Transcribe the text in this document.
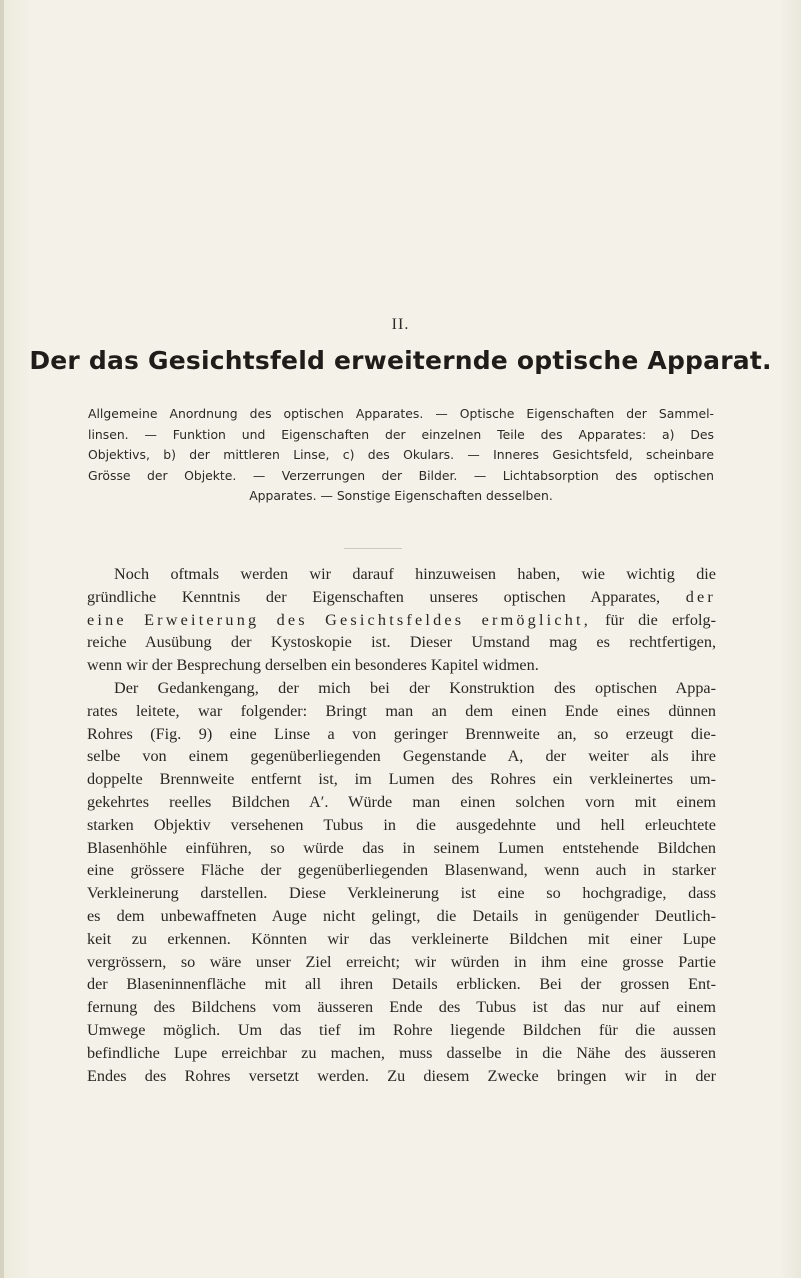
II.
Der das Gesichtsfeld erweiternde optische Apparat.
Allgemeine Anordnung des optischen Apparates. — Optische Eigenschaften der Sammel-
linsen. — Funktion und Eigenschaften der einzelnen Teile des Apparates: a) Des
Objektivs, b) der mittleren Linse, c) des Okulars. — Inneres Gesichtsfeld, scheinbare
Grösse der Objekte. — Verzerrungen der Bilder. — Lichtabsorption des optischen
Apparates. — Sonstige Eigenschaften desselben.
Noch oftmals werden wir darauf hinzuweisen haben, wie wichtig die
gründliche Kenntnis der Eigenschaften unseres optischen Apparates, der
eine Erweiterung des Gesichtsfeldes ermöglicht, für die erfolg-
reiche Ausübung der Kystoskopie ist. Dieser Umstand mag es rechtfertigen,
wenn wir der Besprechung derselben ein besonderes Kapitel widmen.
Der Gedankengang, der mich bei der Konstruktion des optischen Appa-
rates leitete, war folgender: Bringt man an dem einen Ende eines dünnen
Rohres (Fig. 9) eine Linse a von geringer Brennweite an, so erzeugt die-
selbe von einem gegenüberliegenden Gegenstande A, der weiter als ihre
doppelte Brennweite entfernt ist, im Lumen des Rohres ein verkleinertes um-
gekehrtes reelles Bildchen A′. Würde man einen solchen vorn mit einem
starken Objektiv versehenen Tubus in die ausgedehnte und hell erleuchtete
Blasenhöhle einführen, so würde das in seinem Lumen entstehende Bildchen
eine grössere Fläche der gegenüberliegenden Blasenwand, wenn auch in starker
Verkleinerung darstellen. Diese Verkleinerung ist eine so hochgradige, dass
es dem unbewaffneten Auge nicht gelingt, die Details in genügender Deutlich-
keit zu erkennen. Könnten wir das verkleinerte Bildchen mit einer Lupe
vergrössern, so wäre unser Ziel erreicht; wir würden in ihm eine grosse Partie
der Blaseninnenfläche mit all ihren Details erblicken. Bei der grossen Ent-
fernung des Bildchens vom äusseren Ende des Tubus ist das nur auf einem
Umwege möglich. Um das tief im Rohre liegende Bildchen für die aussen
befindliche Lupe erreichbar zu machen, muss dasselbe in die Nähe des äusseren
Endes des Rohres versetzt werden. Zu diesem Zwecke bringen wir in der
